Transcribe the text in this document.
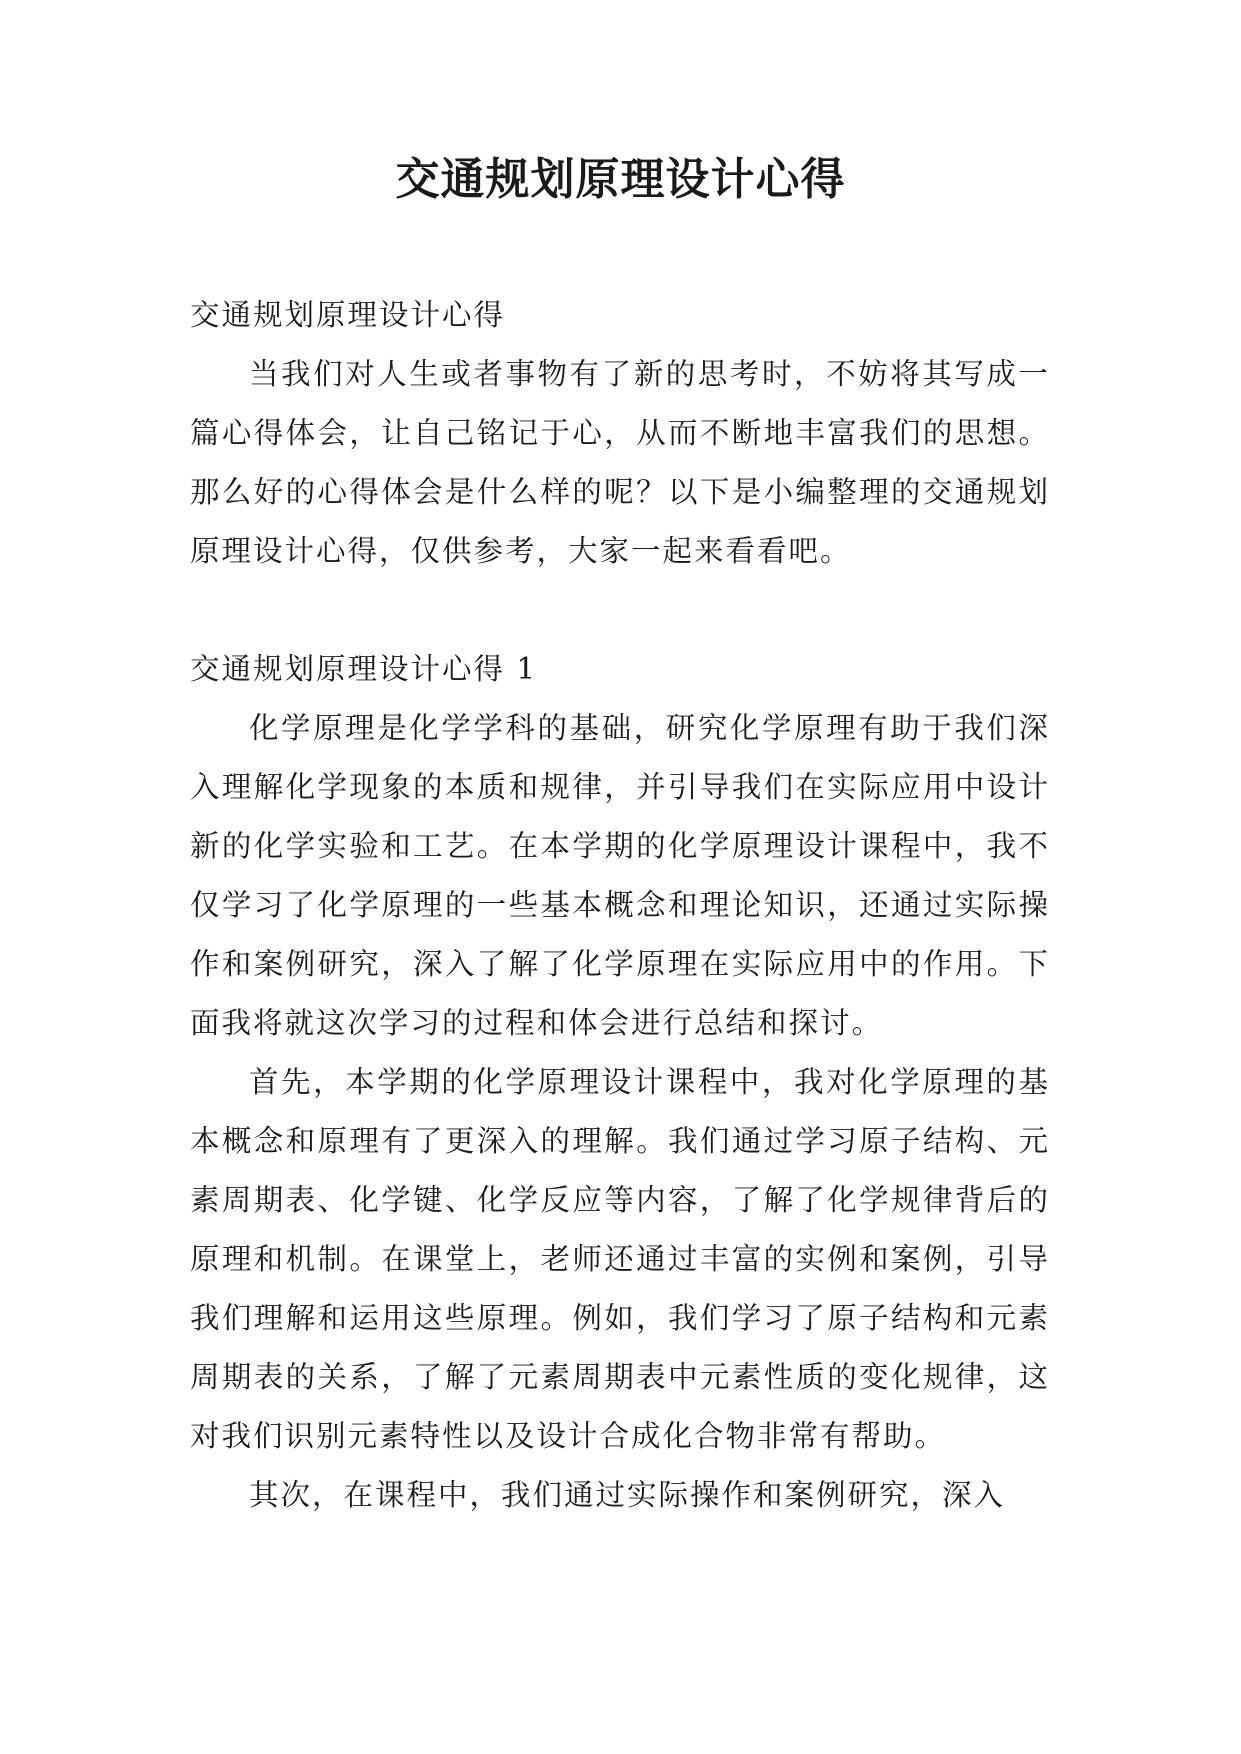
交通规划原理设计心得

交通规划原理设计心得

当我们对人生或者事物有了新的思考时，不妨将其写成一篇心得体会，让自己铭记于心，从而不断地丰富我们的思想。那么好的心得体会是什么样的呢？以下是小编整理的交通规划原理设计心得，仅供参考，大家一起来看看吧。

交通规划原理设计心得 1

化学原理是化学学科的基础，研究化学原理有助于我们深入理解化学现象的本质和规律，并引导我们在实际应用中设计新的化学实验和工艺。在本学期的化学原理设计课程中，我不仅学习了化学原理的一些基本概念和理论知识，还通过实际操作和案例研究，深入了解了化学原理在实际应用中的作用。下面我将就这次学习的过程和体会进行总结和探讨。

首先，本学期的化学原理设计课程中，我对化学原理的基本概念和原理有了更深入的理解。我们通过学习原子结构、元素周期表、化学键、化学反应等内容，了解了化学规律背后的原理和机制。在课堂上，老师还通过丰富的实例和案例，引导我们理解和运用这些原理。例如，我们学习了原子结构和元素周期表的关系，了解了元素周期表中元素性质的变化规律，这对我们识别元素特性以及设计合成化合物非常有帮助。

其次，在课程中，我们通过实际操作和案例研究，深入
